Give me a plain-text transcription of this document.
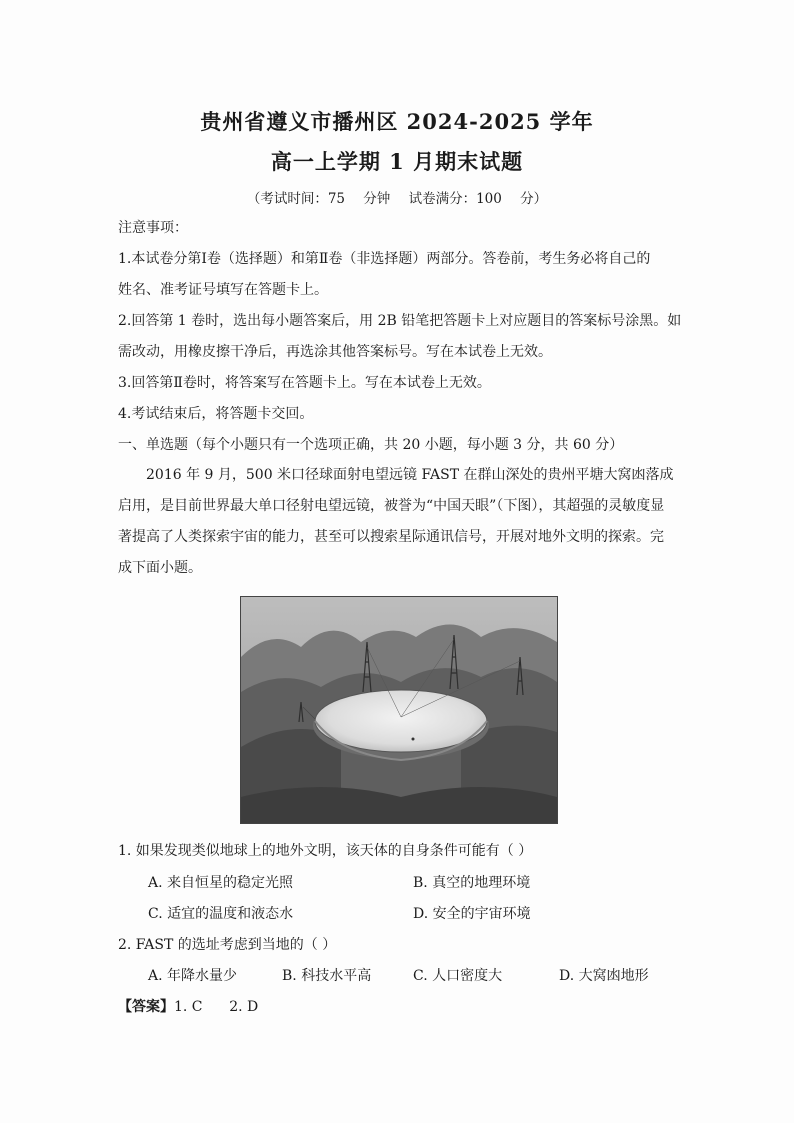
贵州省遵义市播州区 2024-2025 学年
高一上学期 1 月期末试题
（考试时间：75 分钟 试卷满分：100 分）
注意事项：
1.本试卷分第Ⅰ卷（选择题）和第Ⅱ卷（非选择题）两部分。答卷前，考生务必将自己的
姓名、准考证号填写在答题卡上。
2.回答第 1 卷时，选出每小题答案后，用 2B 铅笔把答题卡上对应题目的答案标号涂黑。如
需改动，用橡皮擦干净后，再选涂其他答案标号。写在本试卷上无效。
3.回答第Ⅱ卷时，将答案写在答题卡上。写在本试卷上无效。
4.考试结束后，将答题卡交回。
一、单选题（每个小题只有一个选项正确，共 20 小题，每小题 3 分，共 60 分）
2016 年 9 月，500 米口径球面射电望远镜 FAST 在群山深处的贵州平塘大窝凼落成启用，是目前世界最大单口径射电望远镜，被誉为“中国天眼”（下图），其超强的灵敏度显著提高了人类探索宇宙的能力，甚至可以搜索星际通讯信号，开展对地外文明的探索。完成下面小题。
1. 如果发现类似地球上的地外文明，该天体的自身条件可能有（ ）
A. 来自恒星的稳定光照	B. 真空的地理环境
C. 适宜的温度和液态水	D. 安全的宇宙环境
2. FAST 的选址考虑到当地的（ ）
A. 年降水量少	B. 科技水平高	C. 人口密度大	D. 大窝凼地形
【答案】1. C      2. D
